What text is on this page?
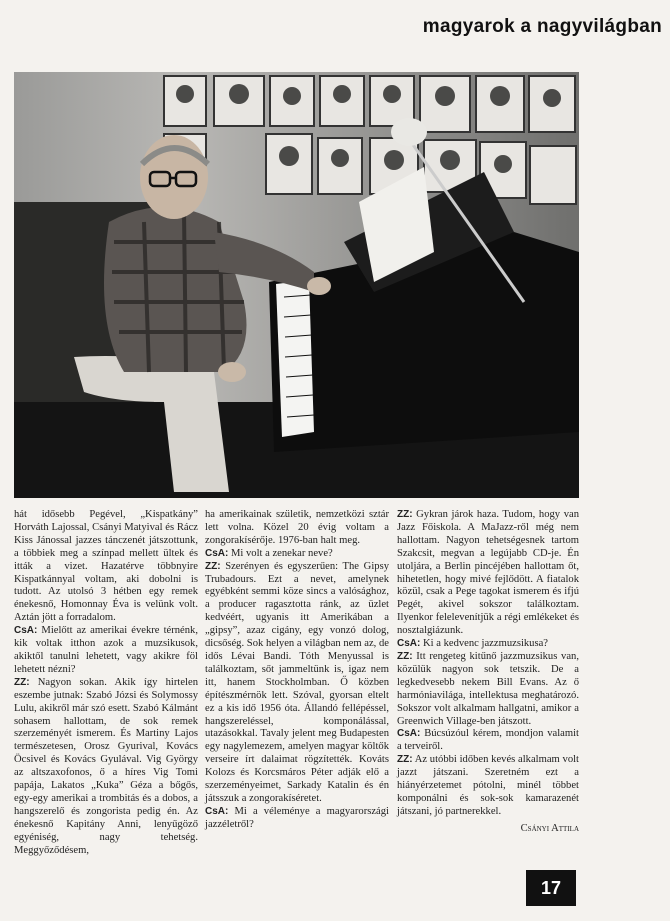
magyarok a nagyvilágban

hát idősebb Pegével, „Kispatkány” Horváth Lajossal, Csányi Matyival és Rácz Kiss Jánossal jazzes tánczenét játszottunk, a többiek meg a színpad mellett ültek és itták a vizet. Hazatérve többnyire Kispatkánnyal voltam, aki dobolni is tudott. Az utolsó 3 hétben egy remek énekesnő, Homonnay Éva is velünk volt. Aztán jött a forradalom.

CsA: Mielőtt az amerikai évekre térnénk, kik voltak itthon azok a muzsikusok, akiktől tanulni lehetett, vagy akikre föl lehetett nézni?

ZZ: Nagyon sokan. Akik így hirtelen eszembe jutnak: Szabó Józsi és Solymossy Lulu, akikről már szó esett. Szabó Kálmánt sohasem hallottam, de sok remek szerzeményét ismerem. És Martiny Lajos természetesen, Orosz Gyurival, Kovács Öcsivel és Kovács Gyulával. Vig György az altszaxofonos, ő a híres Vig Tomi papája, Lakatos „Kuka” Géza a bőgős, egy-egy amerikai a trombitás és a dobos, a hangszerelő és zongorista pedig én. Az énekesnő Kapitány Anni, lenyűgöző egyéniség, nagy tehetség. Meggyőződésem,

ha amerikainak születik, nemzetközi sztár lett volna. Közel 20 évig voltam a zongorakísérője. 1976-ban halt meg.

CsA: Mi volt a zenekar neve?

ZZ: Szerényen és egyszerűen: The Gipsy Trubadours. Ezt a nevet, amelynek egyébként semmi köze sincs a valósághoz, a producer ragasztotta ránk, az üzlet kedvéért, ugyanis itt Amerikában a „gipsy”, azaz cigány, egy vonzó dolog, dicsőség. Sok helyen a világban nem az, de idős Lévai Bandi. Tóth Menyussal is találkoztam, sőt jammeltünk is, igaz nem itt, hanem Stockholmban. Ő közben építészmérnök lett. Szóval, gyorsan eltelt ez a kis idő 1956 óta. Állandó fellépéssel, hangszereléssel, komponálással, utazásokkal. Tavaly jelent meg Budapesten egy nagylemezem, amelyen magyar költők verseire írt dalaimat rögzítették. Kováts Kolozs és Korcsmáros Péter adják elő a szerzeményeimet, Sarkady Katalin és én játsszuk a zongorakíséretet.

CsA: Mi a véleménye a magyarországi jazzéletről?

ZZ: Gykran járok haza. Tudom, hogy van Jazz Főiskola. A MaJazz-ről még nem hallottam. Nagyon tehetségesnek tartom Szakcsit, megvan a legújabb CD-je. Én utoljára, a Berlin pincéjében hallottam őt, hihetetlen, hogy mivé fejlődött. A fiatalok közül, csak a Pege tagokat ismerem és ifjú Pegét, akivel sokszor találkoztam. Ilyenkor felelevenítjük a régi emlékeket és nosztalgiázunk.

CsA: Ki a kedvenc jazzmuzsikusa?

ZZ: Itt rengeteg kitűnő jazzmuzsikus van, közülük nagyon sok tetszik. De a legkedvesebb nekem Bill Evans. Az ő harmóniavilága, intellektusa meghatározó. Sokszor volt alkalmam hallgatni, amikor a Greenwich Village-ben játszott.

CsA: Búcsúzóul kérem, mondjon valamit a terveiről.

ZZ: Az utóbbi időben kevés alkalmam volt jazzt játszani. Szeretném ezt a hiányérzetemet pótolni, minél többet komponálni és sok-sok kamarazenét játszani, jó partnerekkel.

Csányi Attila

17
